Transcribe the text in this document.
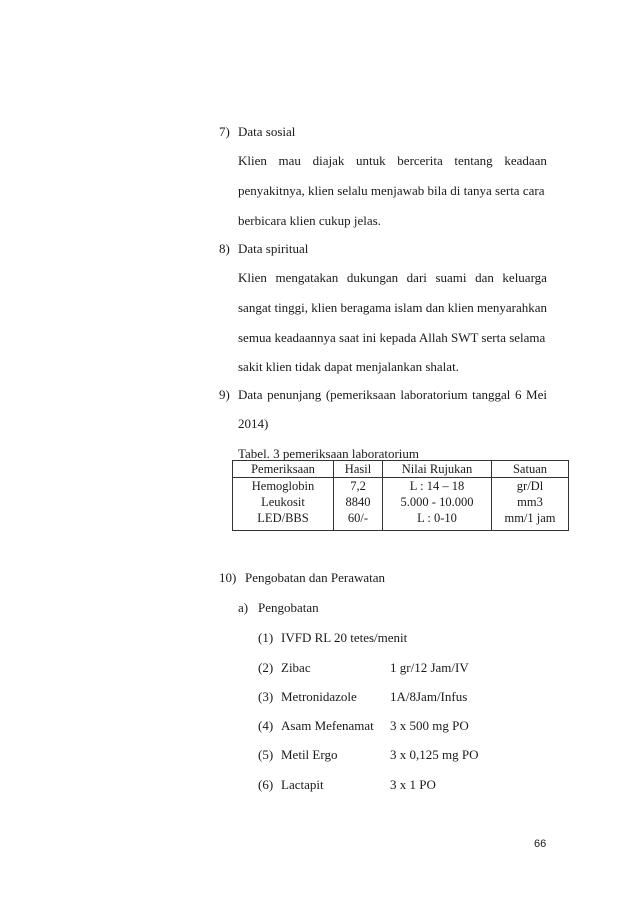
7) Data sosial
Klien mau diajak untuk bercerita tentang keadaan
penyakitnya, klien selalu menjawab bila di tanya serta cara
berbicara klien cukup jelas.
8) Data spiritual
Klien mengatakan dukungan dari suami dan keluarga
sangat tinggi, klien beragama islam dan klien menyarahkan
semua keadaannya saat ini kepada Allah SWT serta selama
sakit klien tidak dapat menjalankan shalat.
9) Data penunjang (pemeriksaan laboratorium tanggal 6 Mei
2014)
Tabel. 3 pemeriksaan laboratorium
Pemeriksaan	Hasil	Nilai Rujukan	Satuan
Hemoglobin	7,2	L : 14 – 18	gr/Dl
Leukosit	8840	5.000 - 10.000	mm3
LED/BBS	60/-	L : 0-10	mm/1 jam
10) Pengobatan dan Perawatan
a) Pengobatan
(1) IVFD RL 20 tetes/menit
(2) Zibac	1 gr/12 Jam/IV
(3) Metronidazole	1A/8Jam/Infus
(4) Asam Mefenamat 3 x 500 mg PO
(5) Metil Ergo	3 x 0,125 mg PO
(6) Lactapit	3 x 1 PO
66
